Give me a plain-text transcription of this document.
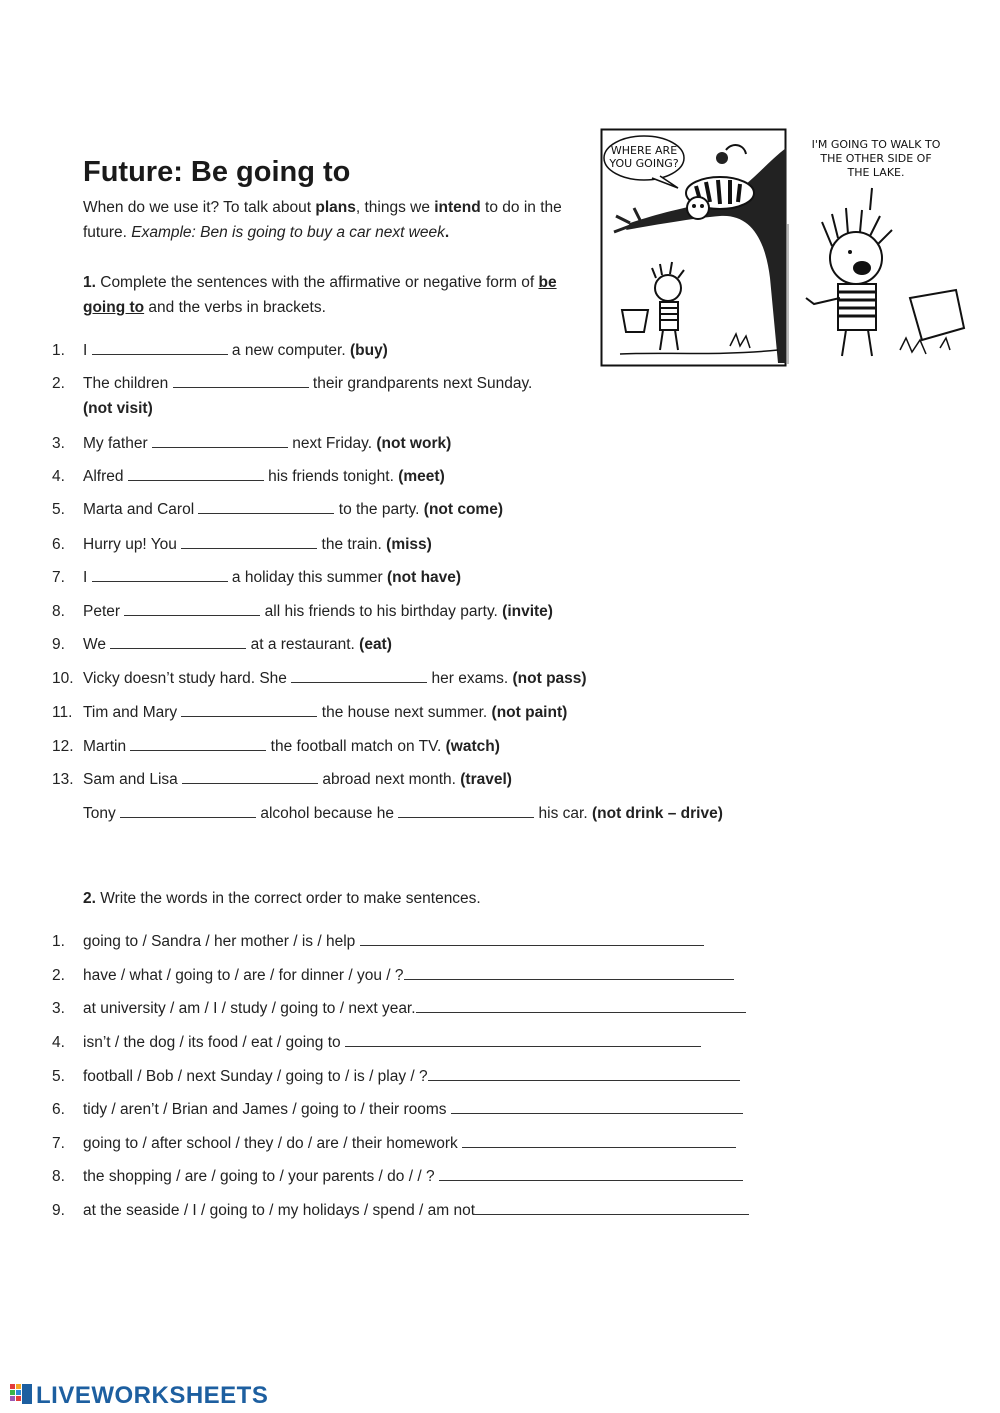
Future: Be going to
When do we use it? To talk about plans, things we intend to do in the future. Example: Ben is going to buy a car next week.
1. Complete the sentences with the affirmative or negative form of be going to and the verbs in brackets.
1. I	a new computer. (buy)
2. The children	their grandparents next Sunday.
(not visit)
3. My father	next Friday. (not work)
4. Alfred	his friends tonight. (meet)
5. Marta and Carol	to the party. (not come)
6. Hurry up! You	the train. (miss)
7. I	a holiday this summer (not have)
8. Peter	all his friends to his birthday party. (invite)
9. We	at a restaurant. (eat)
10. Vicky doesn’t study hard. She	her exams. (not pass)
11. Tim and Mary	the house next summer. (not paint)
12. Martin	the football match on TV. (watch)
13. Sam and Lisa	abroad next month. (travel)
Tony	alcohol because he	his car. (not drink – drive)
2. Write the words in the correct order to make sentences.
1. going to / Sandra / her mother / is / help
2. have / what / going to / are / for dinner / you / ?
3. at university / am / I / study / going to / next year.
4. isn’t / the dog / its food / eat / going to
5. football / Bob / next Sunday / going to / is / play / ?
6. tidy / aren’t / Brian and James / going to / their rooms
7. going to / after school / they / do / are / their homework
8. the shopping / are / going to / your parents / do / / ?
9. at the seaside / I / going to / my holidays / spend / am not
WHERE ARE
YOU GOING?
I'M GOING TO WALK TO
THE OTHER SIDE OF
THE LAKE.
LIVEWORKSHEETS
